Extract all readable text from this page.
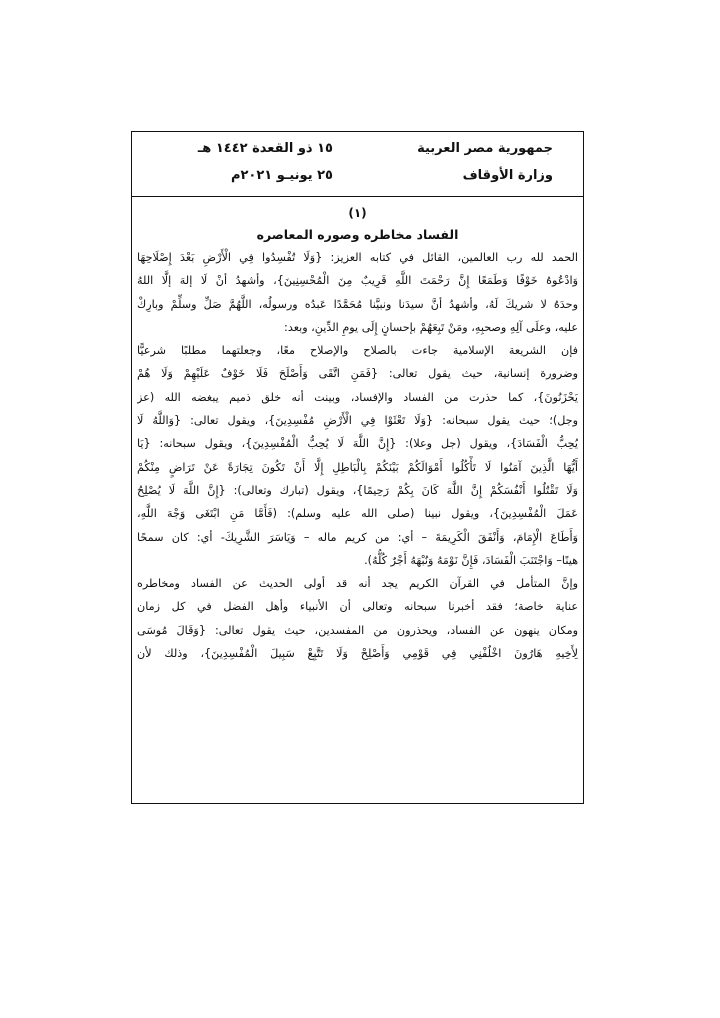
جمهورية مصر العربية
وزارة الأوقاف
١٥ ذو القعدة ١٤٤٢ هـ
٢٥ يونيـو ٢٠٢١م
(١)
الفساد مخاطره وصوره المعاصره
الحمد لله رب العالمين، القائل في كتابه العزيز: {وَلَا تُفْسِدُوا فِي الْأَرْضِ بَعْدَ إِصْلَاحِهَا
وَادْعُوهُ خَوْفًا وَطَمَعًا إِنَّ رَحْمَتَ اللَّهِ قَرِيبٌ مِنَ الْمُحْسِنِينَ}، وأشهدُ أنْ لَا إلهَ إلَّا اللهُ
وحدَهُ لا شريكَ لَهُ، وأشهدُ أنَّ سيدَنا ونبيَّنا مُحَمَّدًا عَبدُه ورسولُه، اللَّهُمَّ صَلِّ وسلِّمْ وبارِكْ
عليه، وعلَى آلِهِ وصحبِهِ، ومَنْ تَبِعَهُمْ بإحسانٍ إِلَى يومِ الدِّينِ، وبعد:
فإن الشريعة الإسلامية جاءت بالصلاح والإصلاح معًا، وجعلتهما مطلبًا شرعيًّا
وضرورة إنسانية، حيث يقول تعالى: {فَمَنِ اتَّقَى وَأَصْلَحَ فَلَا خَوْفٌ عَلَيْهِمْ وَلَا هُمْ
يَحْزَنُونَ}، كما حذرت من الفساد والإفساد، وبينت أنه خلق ذميم يبغضه الله (عز
وجل)؛ حيث يقول سبحانه: {وَلَا تَعْثَوْا فِي الْأَرْضِ مُفْسِدِينَ}، ويقول تعالى: {وَاللَّهُ لَا
يُحِبُّ الْفَسَادَ}، ويقول (جل وعلا): {إِنَّ اللَّهَ لَا يُحِبُّ الْمُفْسِدِينَ}، ويقول سبحانه: {يَا
أَيُّهَا الَّذِينَ آمَنُوا لَا تَأْكُلُوا أَمْوَالَكُمْ بَيْنَكُمْ بِالْبَاطِلِ إِلَّا أَنْ تَكُونَ تِجَارَةً عَنْ تَرَاضٍ مِنْكُمْ
وَلَا تَقْتُلُوا أَنْفُسَكُمْ إِنَّ اللَّهَ كَانَ بِكُمْ رَحِيمًا}، ويقول (تبارك وتعالى): {إِنَّ اللَّهَ لَا يُصْلِحُ
عَمَلَ الْمُفْسِدِينَ}، ويقول نبينا (صلى الله عليه وسلم): (فَأَمَّا مَنِ ابْتَغَى وَجْهَ اللَّهِ،
وَأَطَاعَ الْإِمَامَ، وَأَنْفَقَ الْكَرِيمَةَ – أي: من كريم ماله – وَيَاسَرَ الشَّرِيكَ- أي: كان سمحًا
هينًا– وَاجْتَنَبَ الْفَسَادَ، فَإِنَّ نَوْمَهُ وَنُبْهَهُ أَجْرٌ كُلُّهُ).
وإنَّ المتأمل في القرآن الكريم يجد أنه قد أولى الحديث عن الفساد ومخاطره
عناية خاصة؛ فقد أخبرنا سبحانه وتعالى أن الأنبياء وأهل الفضل في كل زمان
ومكان ينهون عن الفساد، ويحذرون من المفسدين، حيث يقول تعالى: {وَقَالَ مُوسَى
لِأَخِيهِ هَارُونَ اخْلُفْنِي فِي قَوْمِي وَأَصْلِحْ وَلَا تَتَّبِعْ سَبِيلَ الْمُفْسِدِينَ}، وذلك لأن
